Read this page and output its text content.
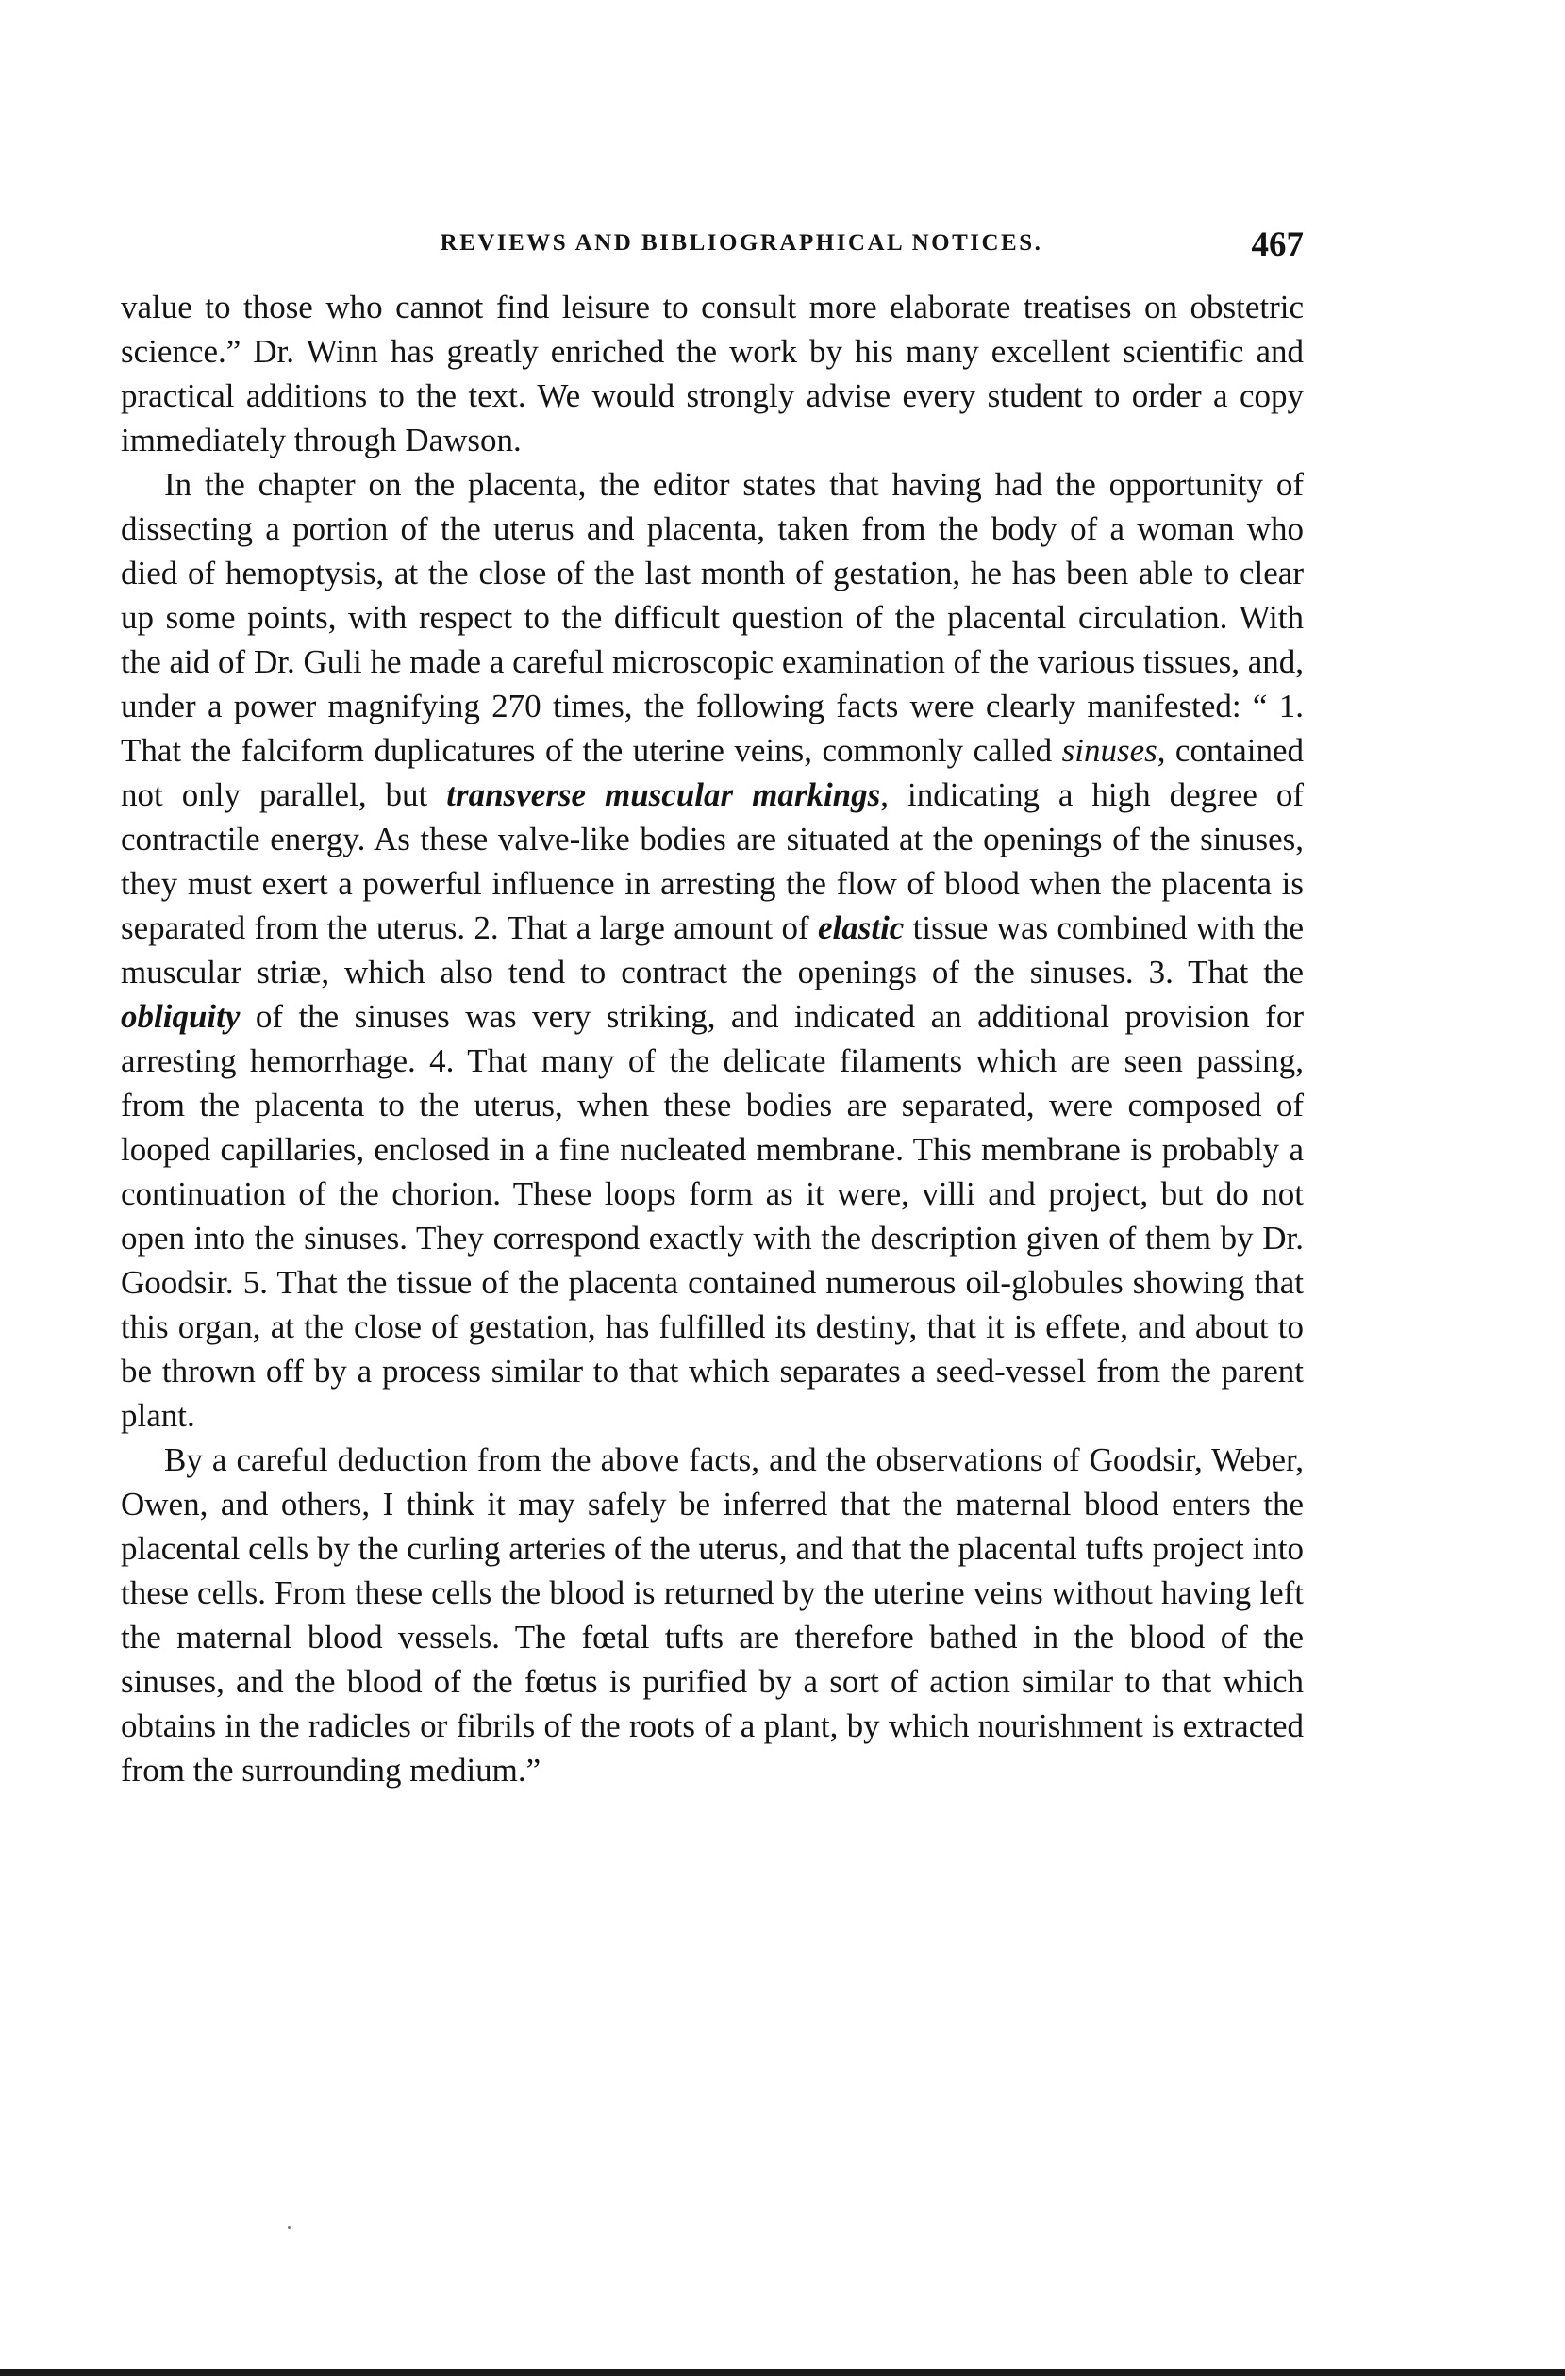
REVIEWS AND BIBLIOGRAPHICAL NOTICES.	467

value to those who cannot find leisure to consult more elaborate treatises on obstetric science.” Dr. Winn has greatly enriched the work by his many excellent scientific and practical additions to the text. We would strongly advise every student to order a copy immediately through Dawson.

In the chapter on the placenta, the editor states that having had the opportunity of dissecting a portion of the uterus and placenta, taken from the body of a woman who died of hemoptysis, at the close of the last month of gestation, he has been able to clear up some points, with respect to the difficult question of the placental circulation. With the aid of Dr. Guli he made a careful microscopic examination of the various tissues, and, under a power magnifying 270 times, the following facts were clearly manifested: “ 1. That the falciform duplicatures of the uterine veins, commonly called sinuses, contained not only parallel, but transverse muscular markings, indicating a high degree of contractile energy. As these valve-like bodies are situated at the openings of the sinuses, they must exert a powerful influence in arresting the flow of blood when the placenta is separated from the uterus. 2. That a large amount of elastic tissue was combined with the muscular striæ, which also tend to contract the openings of the sinuses. 3. That the obliquity of the sinuses was very striking, and indicated an additional provision for arresting hemorrhage. 4. That many of the delicate filaments which are seen passing, from the placenta to the uterus, when these bodies are separated, were composed of looped capillaries, enclosed in a fine nucleated membrane. This membrane is probably a continuation of the chorion. These loops form as it were, villi and project, but do not open into the sinuses. They correspond exactly with the description given of them by Dr. Goodsir. 5. That the tissue of the placenta contained numerous oil-globules showing that this organ, at the close of gestation, has fulfilled its destiny, that it is effete, and about to be thrown off by a process similar to that which separates a seed-vessel from the parent plant.

By a careful deduction from the above facts, and the observations of Goodsir, Weber, Owen, and others, I think it may safely be inferred that the maternal blood enters the placental cells by the curling arteries of the uterus, and that the placental tufts project into these cells. From these cells the blood is returned by the uterine veins without having left the maternal blood vessels. The fœtal tufts are therefore bathed in the blood of the sinuses, and the blood of the fœtus is purified by a sort of action similar to that which obtains in the radicles or fibrils of the roots of a plant, by which nourishment is extracted from the surrounding medium.”
